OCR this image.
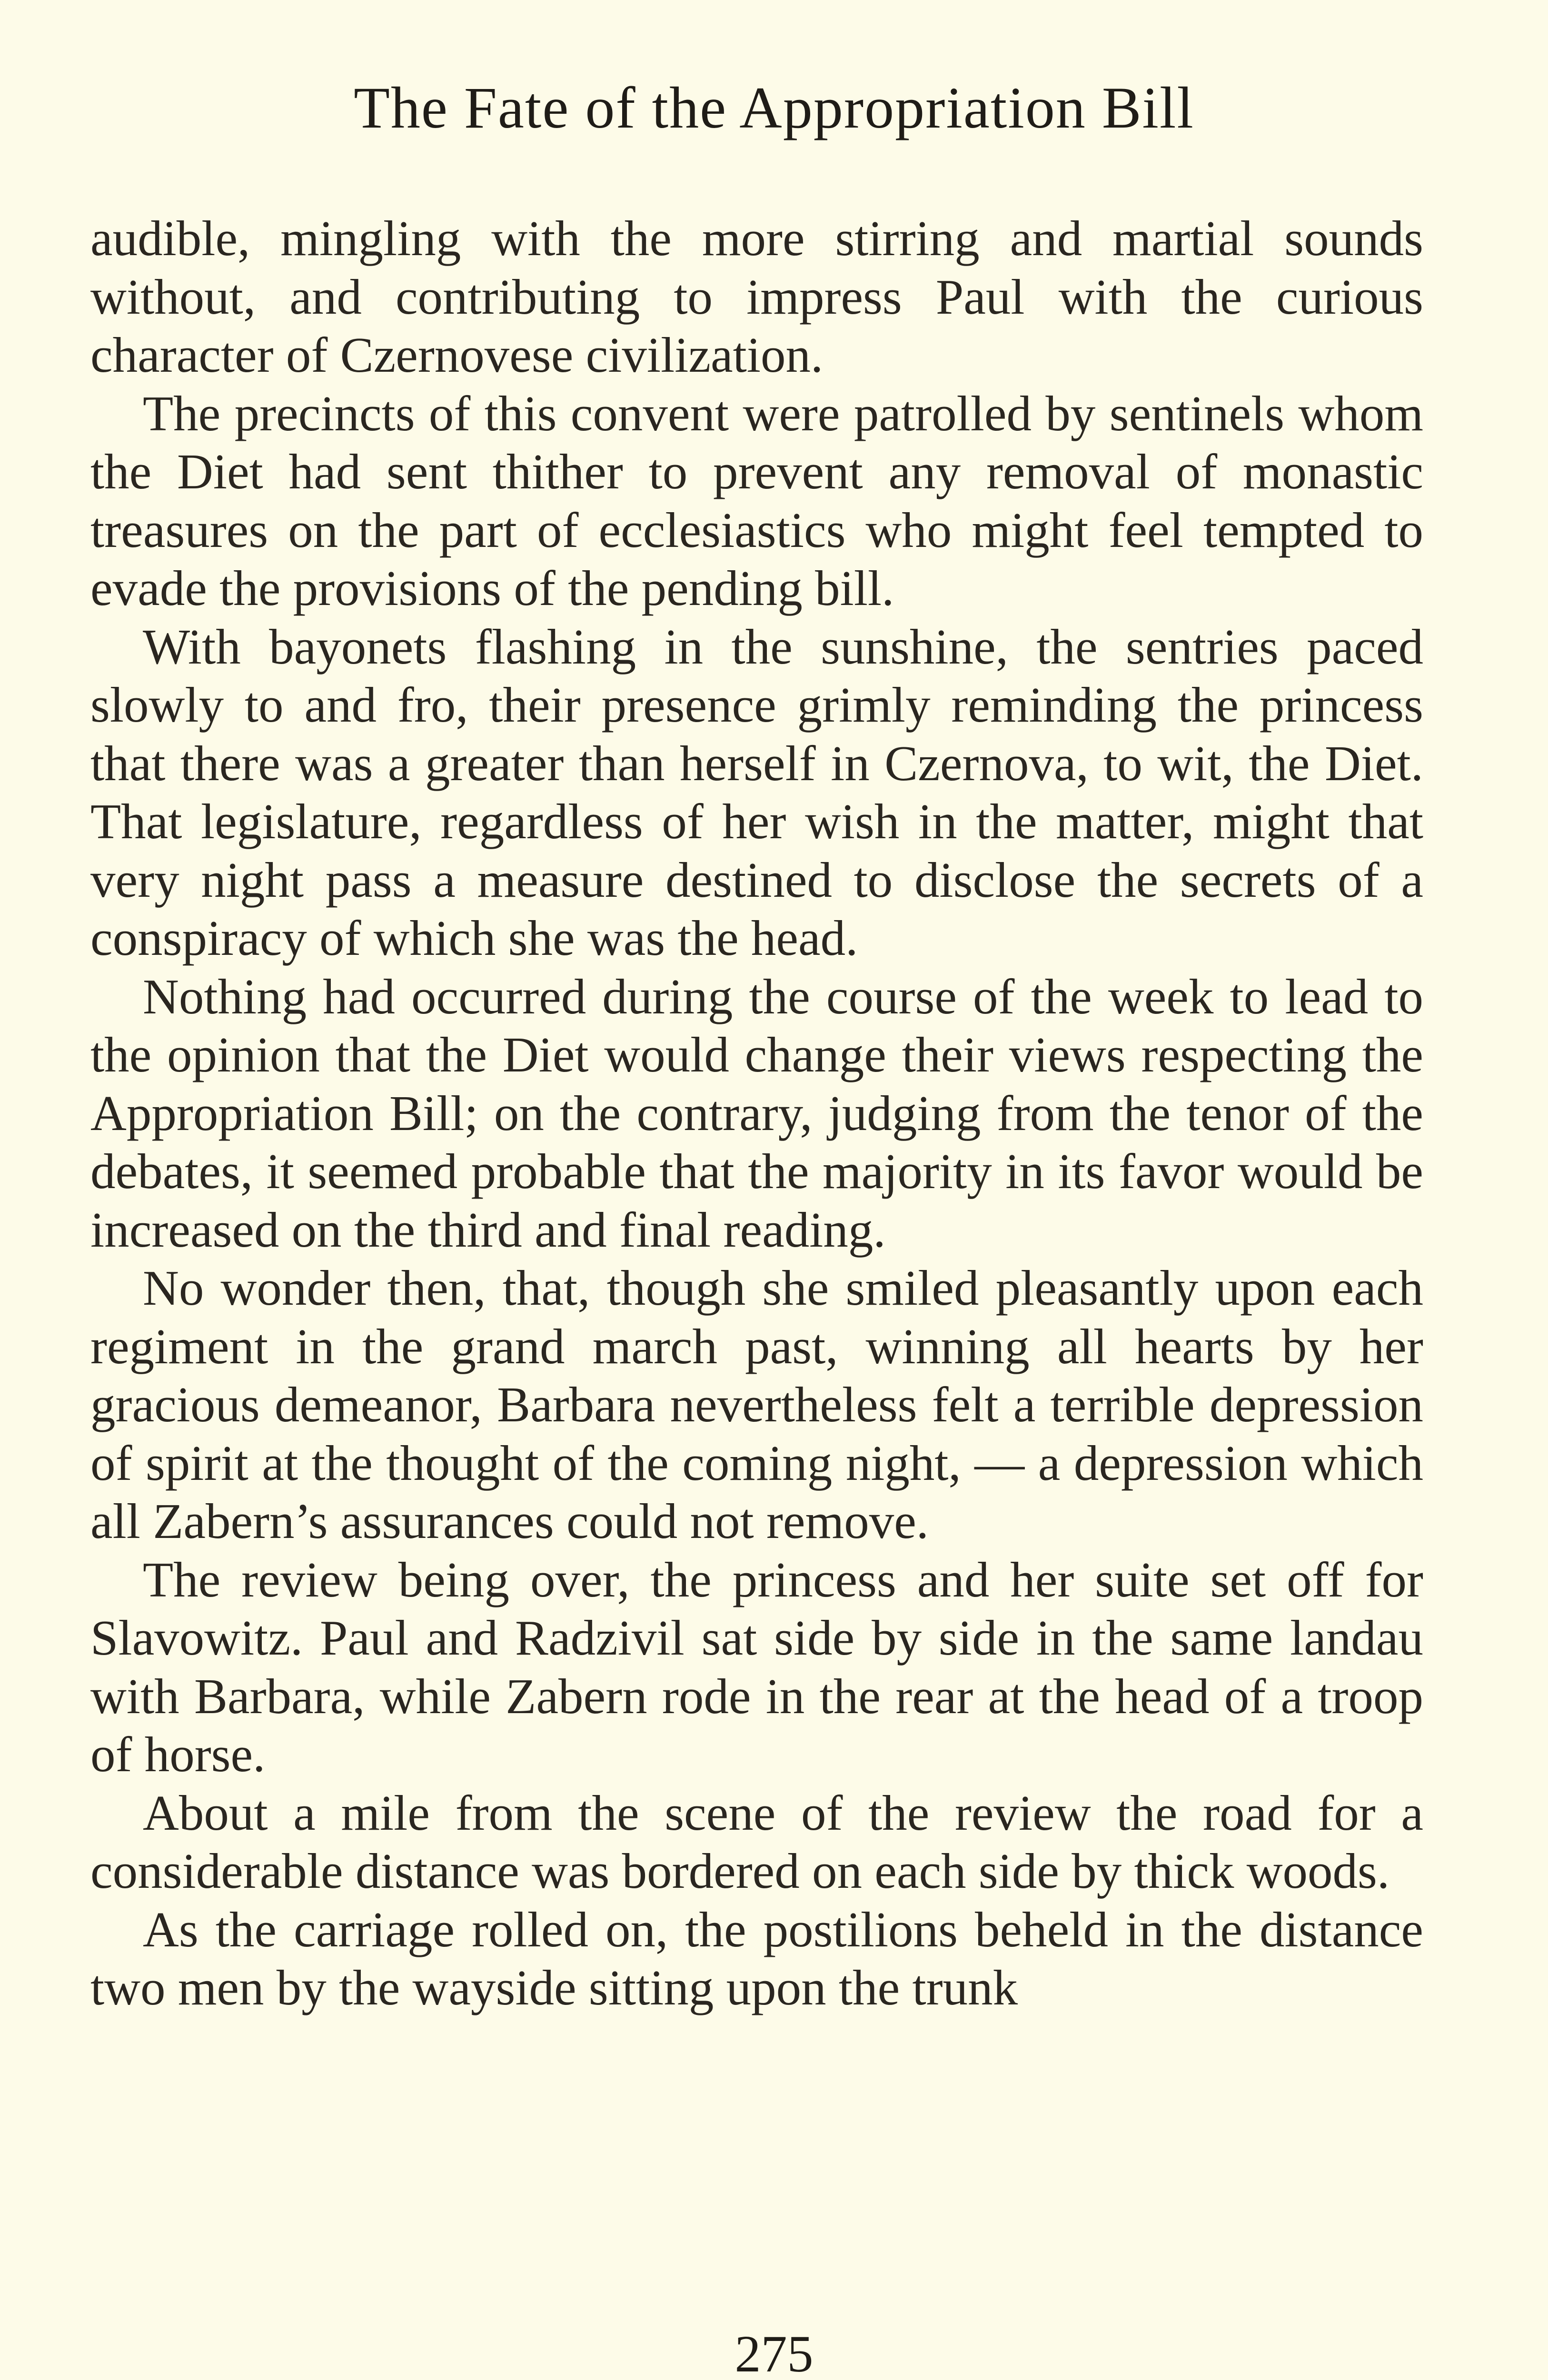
The Fate of the Appropriation Bill

audible, mingling with the more stirring and martial sounds without, and contributing to impress Paul with the curious character of Czernovese civilization.

The precincts of this convent were patrolled by sentinels whom the Diet had sent thither to prevent any removal of monastic treasures on the part of ecclesiastics who might feel tempted to evade the provisions of the pending bill.

With bayonets flashing in the sunshine, the sentries paced slowly to and fro, their presence grimly reminding the princess that there was a greater than herself in Czernova, to wit, the Diet. That legislature, regardless of her wish in the matter, might that very night pass a measure destined to disclose the secrets of a conspiracy of which she was the head.

Nothing had occurred during the course of the week to lead to the opinion that the Diet would change their views respecting the Appropriation Bill; on the contrary, judging from the tenor of the debates, it seemed probable that the majority in its favor would be increased on the third and final reading.

No wonder then, that, though she smiled pleasantly upon each regiment in the grand march past, winning all hearts by her gracious demeanor, Barbara nevertheless felt a terrible depression of spirit at the thought of the coming night, — a depression which all Zabern’s assurances could not remove.

The review being over, the princess and her suite set off for Slavowitz. Paul and Radzivil sat side by side in the same landau with Barbara, while Zabern rode in the rear at the head of a troop of horse.

About a mile from the scene of the review the road for a considerable distance was bordered on each side by thick woods.

As the carriage rolled on, the postilions beheld in the distance two men by the wayside sitting upon the trunk

275
